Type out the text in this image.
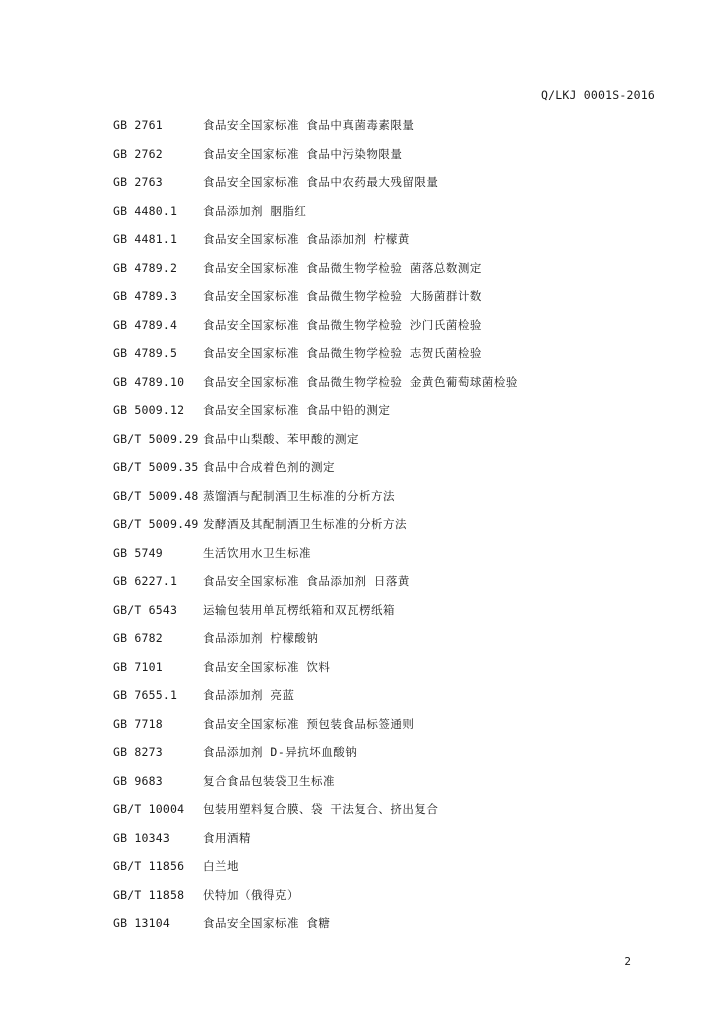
Q/LKJ 0001S-2016
GB 2761	食品安全国家标准 食品中真菌毒素限量
GB 2762	食品安全国家标准 食品中污染物限量
GB 2763	食品安全国家标准 食品中农药最大残留限量
GB 4480.1	食品添加剂 胭脂红
GB 4481.1	食品安全国家标准 食品添加剂 柠檬黄
GB 4789.2	食品安全国家标准 食品微生物学检验 菌落总数测定
GB 4789.3	食品安全国家标准 食品微生物学检验 大肠菌群计数
GB 4789.4	食品安全国家标准 食品微生物学检验 沙门氏菌检验
GB 4789.5	食品安全国家标准 食品微生物学检验 志贺氏菌检验
GB 4789.10	食品安全国家标准 食品微生物学检验 金黄色葡萄球菌检验
GB 5009.12	食品安全国家标准 食品中铅的测定
GB/T 5009.29 食品中山梨酸、苯甲酸的测定
GB/T 5009.35 食品中合成着色剂的测定
GB/T 5009.48 蒸馏酒与配制酒卫生标准的分析方法
GB/T 5009.49 发酵酒及其配制酒卫生标准的分析方法
GB 5749	生活饮用水卫生标准
GB 6227.1	食品安全国家标准 食品添加剂 日落黄
GB/T 6543	运输包装用单瓦楞纸箱和双瓦楞纸箱
GB 6782	食品添加剂 柠檬酸钠
GB 7101	食品安全国家标准 饮料
GB 7655.1	食品添加剂 亮蓝
GB 7718	食品安全国家标准 预包装食品标签通则
GB 8273	食品添加剂 D-异抗坏血酸钠
GB 9683	复合食品包装袋卫生标准
GB/T 10004	包装用塑料复合膜、袋 干法复合、挤出复合
GB 10343	食用酒精
GB/T 11856	白兰地
GB/T 11858	伏特加（俄得克）
GB 13104	食品安全国家标准 食糖
2
